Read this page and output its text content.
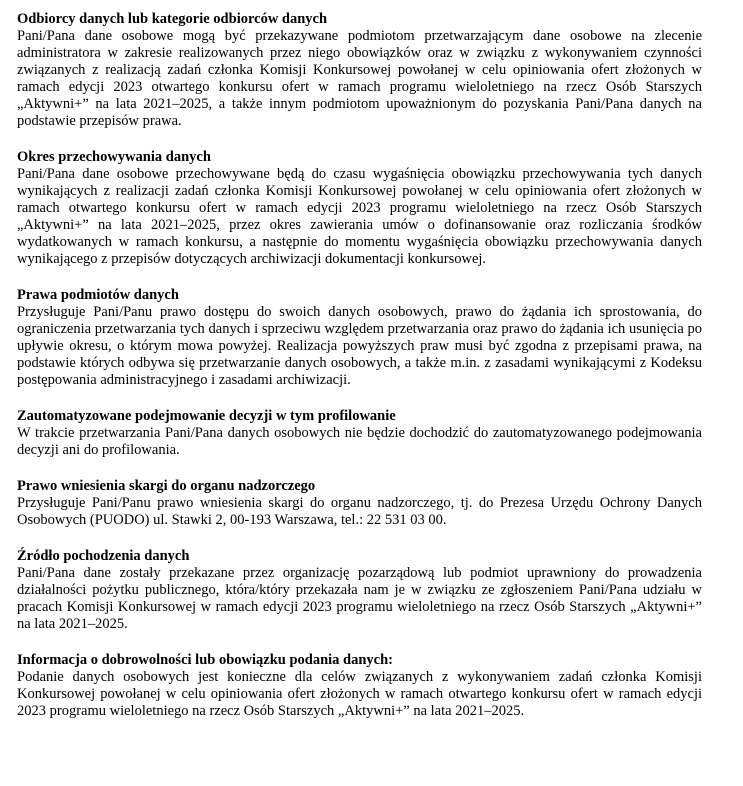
Odbiorcy danych lub kategorie odbiorców danych

Pani/Pana dane osobowe mogą być przekazywane podmiotom przetwarzającym dane osobowe na zlecenie administratora w zakresie realizowanych przez niego obowiązków oraz w związku z wykonywaniem czynności związanych z realizacją zadań członka Komisji Konkursowej powołanej w celu opiniowania ofert złożonych w ramach edycji 2023 otwartego konkursu ofert w ramach programu wieloletniego na rzecz Osób Starszych „Aktywni+” na lata 2021–2025, a także innym podmiotom upoważnionym do pozyskania Pani/Pana danych na podstawie przepisów prawa.

Okres przechowywania danych

Pani/Pana dane osobowe przechowywane będą do czasu wygaśnięcia obowiązku przechowywania tych danych wynikających z realizacji zadań członka Komisji Konkursowej powołanej w celu opiniowania ofert złożonych w ramach otwartego konkursu ofert w ramach edycji 2023 programu wieloletniego na rzecz Osób Starszych „Aktywni+” na lata 2021–2025, przez okres zawierania umów o dofinansowanie oraz rozliczania środków wydatkowanych w ramach konkursu, a następnie do momentu wygaśnięcia obowiązku przechowywania danych wynikającego z przepisów dotyczących archiwizacji dokumentacji konkursowej.

Prawa podmiotów danych

Przysługuje Pani/Panu prawo dostępu do swoich danych osobowych, prawo do żądania ich sprostowania, do ograniczenia przetwarzania tych danych i sprzeciwu względem przetwarzania oraz prawo do żądania ich usunięcia po upływie okresu, o którym mowa powyżej. Realizacja powyższych praw musi być zgodna z przepisami prawa, na podstawie których odbywa się przetwarzanie danych osobowych, a także m.in. z zasadami wynikającymi z Kodeksu postępowania administracyjnego i zasadami archiwizacji.

Zautomatyzowane podejmowanie decyzji w tym profilowanie

W trakcie przetwarzania Pani/Pana danych osobowych nie będzie dochodzić do zautomatyzowanego podejmowania decyzji ani do profilowania.

Prawo wniesienia skargi do organu nadzorczego

Przysługuje Pani/Panu prawo wniesienia skargi do organu nadzorczego, tj. do Prezesa Urzędu Ochrony Danych Osobowych (PUODO) ul. Stawki 2, 00-193 Warszawa, tel.: 22 531 03 00.

Źródło pochodzenia danych

Pani/Pana dane zostały przekazane przez organizację pozarządową lub podmiot uprawniony do prowadzenia działalności pożytku publicznego, która/który przekazała nam je w związku ze zgłoszeniem Pani/Pana udziału w pracach Komisji Konkursowej w ramach edycji 2023 programu wieloletniego na rzecz Osób Starszych „Aktywni+” na lata 2021–2025.

Informacja o dobrowolności lub obowiązku podania danych:

Podanie danych osobowych jest konieczne dla celów związanych z wykonywaniem zadań członka Komisji Konkursowej powołanej w celu opiniowania ofert złożonych w ramach otwartego konkursu ofert w ramach edycji 2023 programu wieloletniego na rzecz Osób Starszych „Aktywni+” na lata 2021–2025.
